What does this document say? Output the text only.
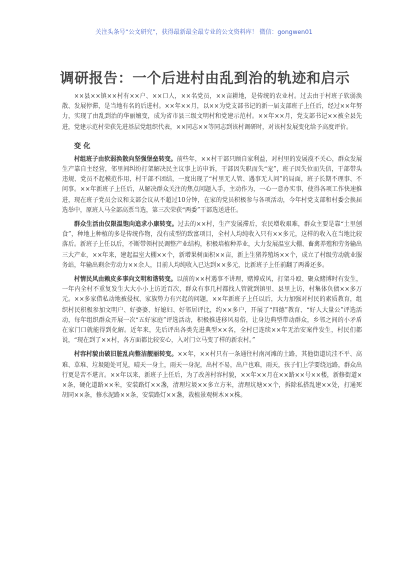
关注头条号“公文研究”，获得最新最全最专业的公文资料库！ 微信：gongwen01
调研报告：一个后进村由乱到治的轨迹和启示

××县××镇××村有××户、××口人，××名党员，××亩耕地，是传统的农业村。过去由于村班子软弱涣散、发展停滞，是当地有名的后进村。××年××月，以××为党支部书记的新一届支部班子上任后，经过××年努力，实现了由乱到治的华丽嬗变，成为省市县三级文明村和党建示范村。××年××月，党支部书记××被全县先进，党建示范村荣获先进基层党组织代表，××同志××等同志到该村调研时，对该村发展变化给予高度评价。

变 化

村组班子由软弱涣散向坚强堡垒转变。前些年，××村干部只顾自家利益，对村里的发展漠不关心，群众发展生产靠自主经营，邻里间纠纷打架解决民主议事上访申诉，干部因失职而失“宠”，班子因失位而失信，干部带头违规、党员不起模范作用，村干部不团结，一度出现了“村里无人管、遇事无人问”的局面，班子长期不理事、不问事。××年新班子上任后，从解决群众关注的焦点问题入手，主动作为，一心一意办实事，使得各项工作快速推进，现在班子党员会议和支部会议从不超过10分钟，在家的党员积极参与各项活动，今年村党支部和村委会换届选举中，原班人马全部高票当选，第三次荣获“两委”干部选送进任。

群众生活由仅限温饱向追求小康转变。过去的××村，生产发展滞后，农民增收艰难，群众主要是靠“土里刨食”，种地上种植的多是传统作物，没有成型的致富项目，全村人均纯收入只有××多元，这样的收入在当地比较落后。新班子上任以后，不断带领村民调整产业结构，积极培植种养业，大力发展温室大棚、畜禽养殖和劳务输出三大产业，××年来，建起温室大棚××个，新增果树面积××亩，新上生猪养殖场××个，成立了村级劳动就业服务站，年输出剩余劳动力××余人，目前人均纯收入已达到××多元，比新班子上任前翻了两番还多。

村情民风由赖皮多事向文明和谐转变。以前的××村遇事不讲理，赌博成风，打架斗殴、聚众赌博时有发生，一年内全村不重复发生大大小小上访近百次，群众有事几村都找人管就到镇里、县里上访，村集体负债××多万元。××多家借私动地被侵权、家族势力有兴起的问题，××年新班子上任以后，大力加强对村民的素质教育，组织村民积极参加文明户、好婆婆、好媳妇、好邻居评比，约××多户，开展了“四德”教育、“好人大量公”评选活动，每年组织群众开展一次“五好家庭”评选活动，积极推进移风易俗，让身边典型带动群众，乡邻之间的小矛盾在家门口就能得到化解。近年来，先后评出各类先进典型××名，全村已连续××年无治安案件发生，村民们都说，“现在到了××村，各方面都比较安心，入对门立马变了样的新农村。”

村容村貌由破旧脏乱向整洁靓丽转变。××年，××村只有一条通往村南河滩的土路，其他街道坑洼不平、高难、草堆、垃圾随处可见，晴天一身土，雨天一身泥，出村不易，出户也难，雨天，孩子们上学要绕远路，群众出行更是苦不堪言。××年以来，新班子上任后，为了改善村容村貌，××年××月在××路××号××楼，新修街道××条，硬化道路××米，安装路灯××盏，清理垃圾××多立方米，清理坑塘××个，拆除私搭乱建××处，打通死胡同××条，修水泥路××条，安装路灯××盏，栽植景观树木××株。
